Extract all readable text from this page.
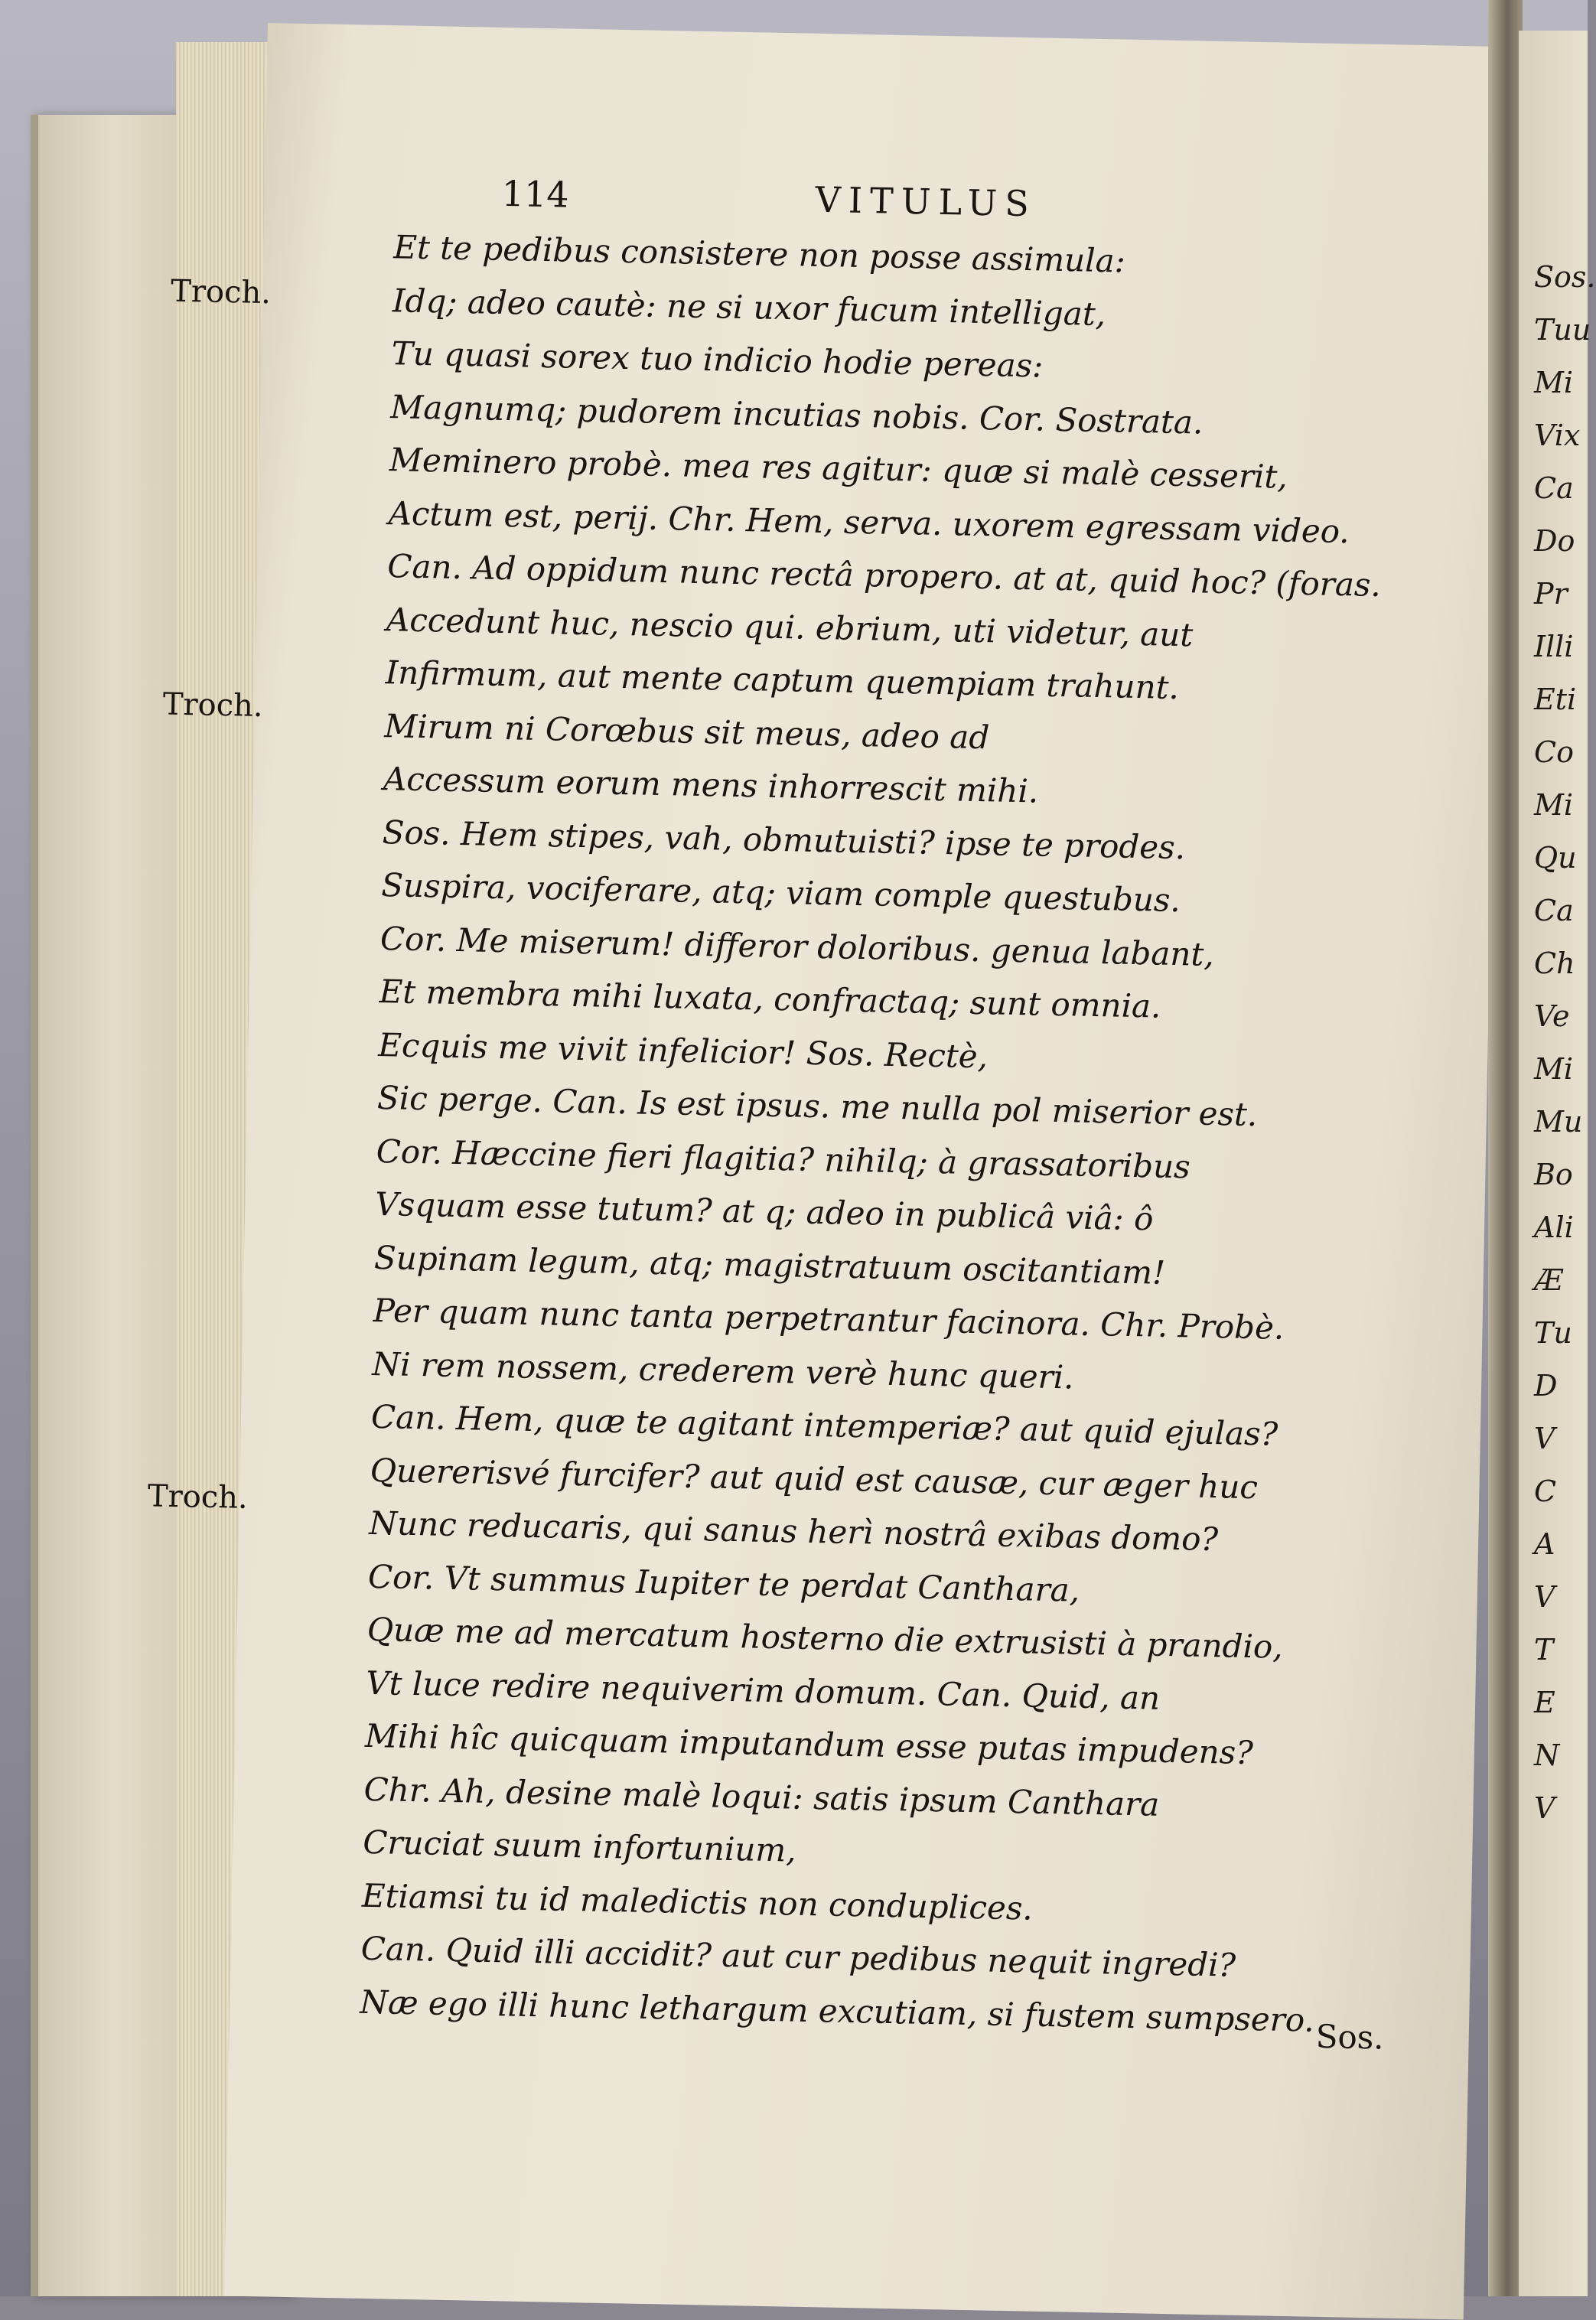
114	VITULUS
Troch.
Troch.
Troch.
Et te pedibus consistere non posse assimula:
Idq; adeo cautè: ne si uxor fucum intelligat,
Tu quasi sorex tuo indicio hodie pereas:
Magnumq; pudorem incutias nobis. Cor. Sostrata.
Meminero probè. mea res agitur: quæ si malè cesserit,
Actum est, perij. Chr. Hem, serva. uxorem egressam video.
Can. Ad oppidum nunc rectâ propero. at at, quid hoc? (foras.
Accedunt huc, nescio qui. ebrium, uti videtur, aut
Infirmum, aut mente captum quempiam trahunt.
Mirum ni Corœbus sit meus, adeo ad
Accessum eorum mens inhorrescit mihi.
Sos. Hem stipes, vah, obmutuisti? ipse te prodes.
Suspira, vociferare, atq; viam comple questubus.
Cor. Me miserum! differor doloribus. genua labant,
Et membra mihi luxata, confractaq; sunt omnia.
Ecquis me vivit infelicior! Sos. Rectè,
Sic perge. Can. Is est ipsus. me nulla pol miserior est.
Cor. Hæccine fieri flagitia? nihilq; à grassatoribus
Vsquam esse tutum? at q; adeo in publicâ viâ: ô
Supinam legum, atq; magistratuum oscitantiam!
Per quam nunc tanta perpetrantur facinora. Chr. Probè.
Ni rem nossem, crederem verè hunc queri.
Can. Hem, quæ te agitant intemperiæ? aut quid ejulas?
Quererisvé furcifer? aut quid est causæ, cur æger huc
Nunc reducaris, qui sanus herì nostrâ exibas domo?
Cor. Vt summus Iupiter te perdat Canthara,
Quæ me ad mercatum hosterno die extrusisti à prandio,
Vt luce redire nequiverim domum. Can. Quid, an
Mihi hîc quicquam imputandum esse putas impudens?
Chr. Ah, desine malè loqui: satis ipsum Canthara
Cruciat suum infortunium,
Etiamsi tu id maledictis non conduplices.
Can. Quid illi accidit? aut cur pedibus nequit ingredi?
Næ ego illi hunc lethargum excutiam, si fustem sumpsero. Sos.
Sos.
Tuu
Mi
Vix
Ca
Do
Pr
Illi
Eti
Co
Mi
Qu
Ca
Ch
Ve
Mi
Mu
Bo
Ali
Æ
Tu
D
V
C
A
V
T
E
N
V
